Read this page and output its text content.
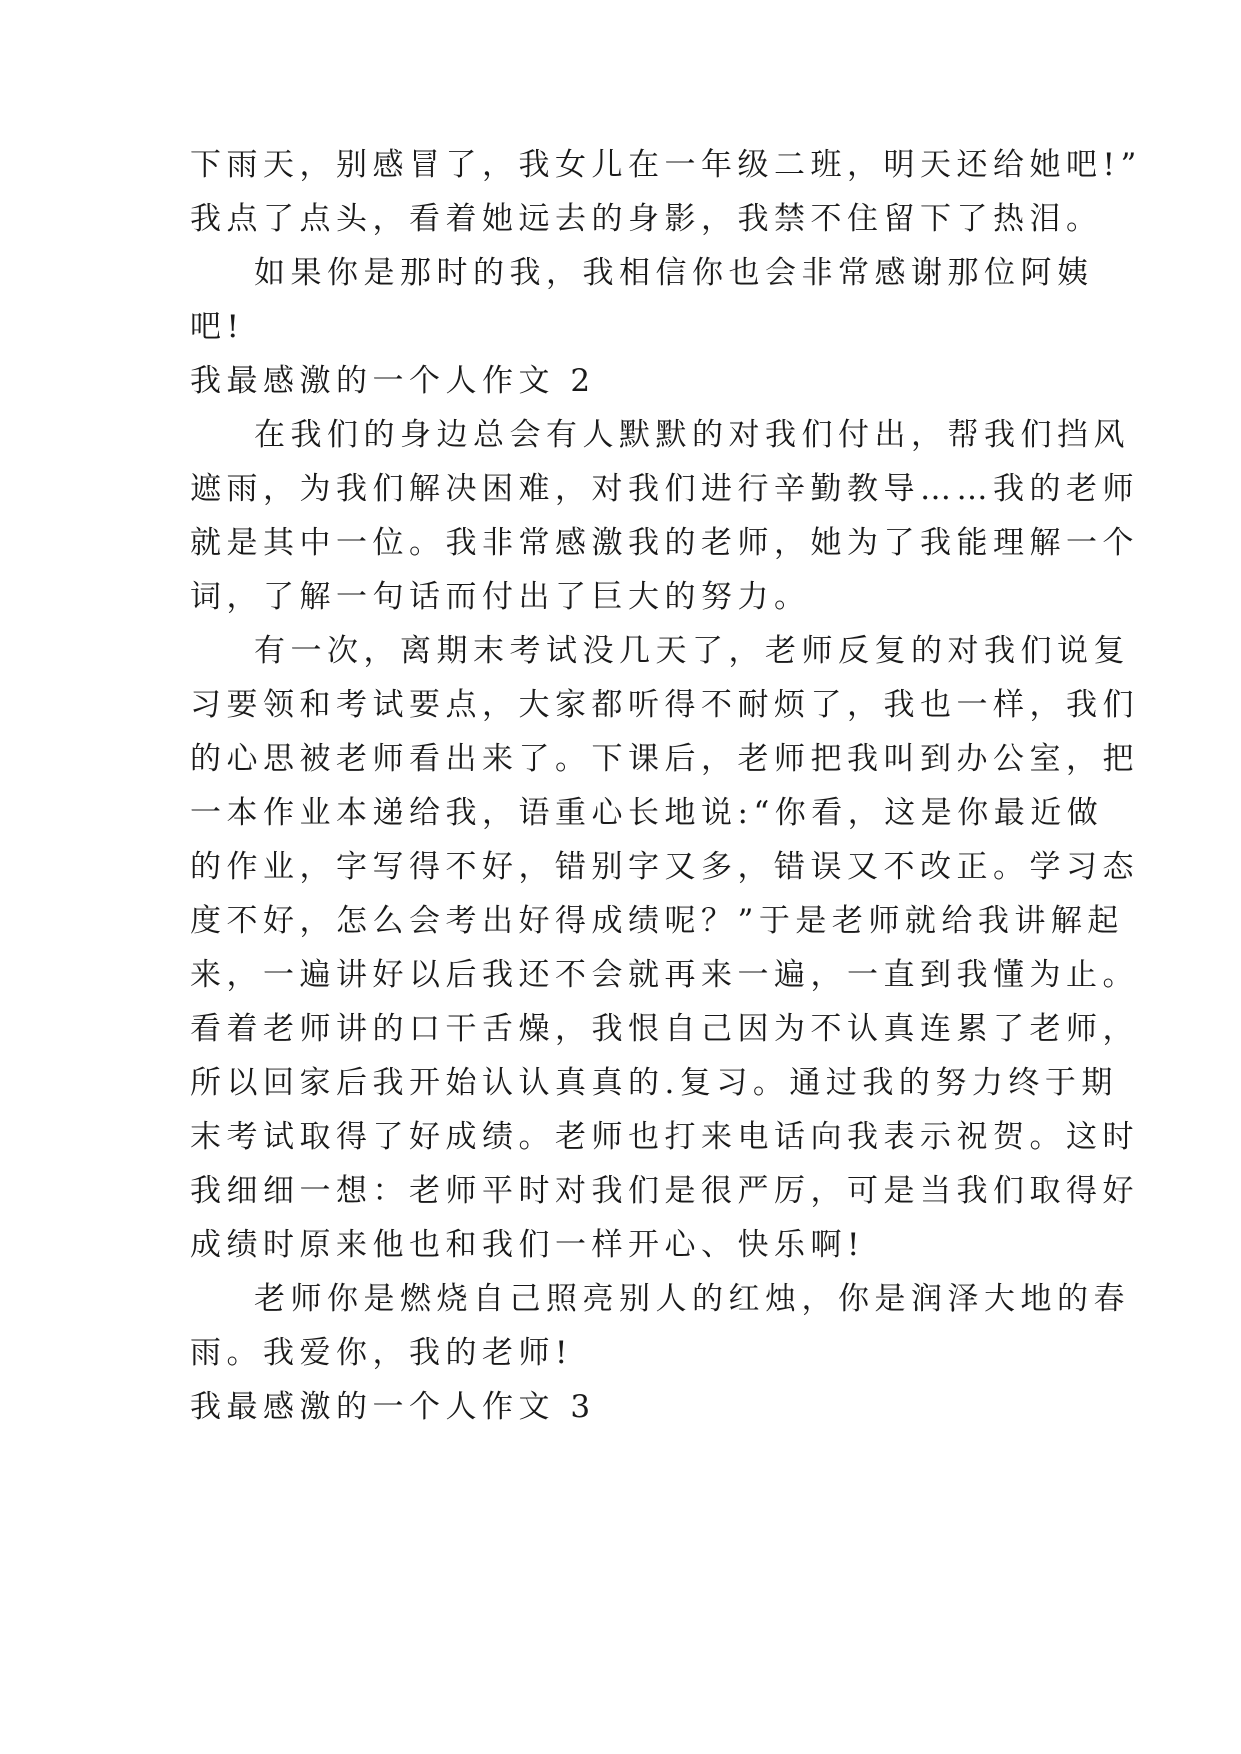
下雨天，别感冒了，我女儿在一年级二班，明天还给她吧!”
我点了点头，看着她远去的身影，我禁不住留下了热泪。
如果你是那时的我，我相信你也会非常感谢那位阿姨
吧!
我最感激的一个人作文 2
在我们的身边总会有人默默的对我们付出，帮我们挡风
遮雨，为我们解决困难，对我们进行辛勤教导……我的老师
就是其中一位。我非常感激我的老师，她为了我能理解一个
词，了解一句话而付出了巨大的努力。
有一次，离期末考试没几天了，老师反复的对我们说复
习要领和考试要点，大家都听得不耐烦了，我也一样，我们
的心思被老师看出来了。下课后，老师把我叫到办公室，把
一本作业本递给我，语重心长地说:“你看，这是你最近做
的作业，字写得不好，错别字又多，错误又不改正。学习态
度不好，怎么会考出好得成绩呢？”于是老师就给我讲解起
来，一遍讲好以后我还不会就再来一遍，一直到我懂为止。
看着老师讲的口干舌燥，我恨自己因为不认真连累了老师，
所以回家后我开始认认真真的.复习。通过我的努力终于期
末考试取得了好成绩。老师也打来电话向我表示祝贺。这时
我细细一想：老师平时对我们是很严厉，可是当我们取得好
成绩时原来他也和我们一样开心、快乐啊!
老师你是燃烧自己照亮别人的红烛，你是润泽大地的春
雨。我爱你，我的老师!
我最感激的一个人作文 3
